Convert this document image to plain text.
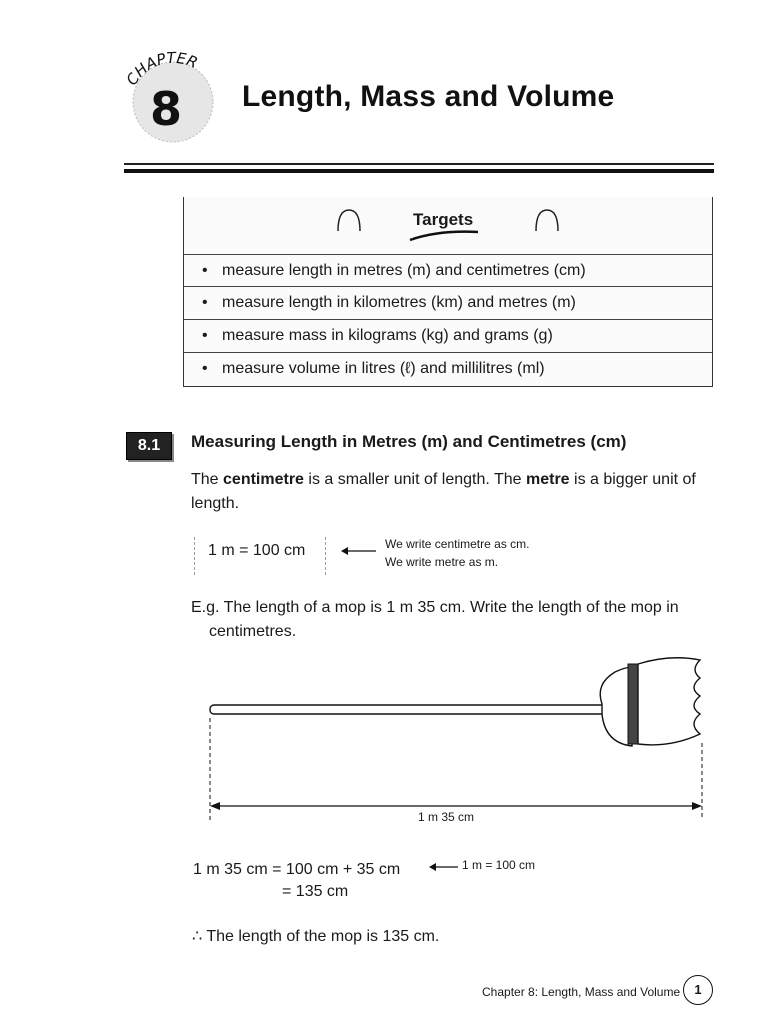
CHAPTER
8 Length, Mass and Volume
• measure length in metres (m) and centimetres (cm)
• measure length in kilometres (km) and metres (m)
• measure mass in kilograms (kg) and grams (g)
• measure volume in litres (ℓ) and millilitres (ml)
Targets
8.1	Measuring Length in Metres (m) and Centimetres (cm)
The centimetre is a smaller unit of length. The metre is a bigger unit of length.
1 m = 100 cm	We write centimetre as cm.
We write metre as m.
E.g. The length of a mop is 1 m 35 cm. Write the length of the mop in centimetres.
1 m 35 cm
1 m 35 cm = 100 cm + 35 cm
= 135 cm
1 m = 100 cm
∴ The length of the mop is 135 cm.
Chapter 8: Length, Mass and Volume	1
